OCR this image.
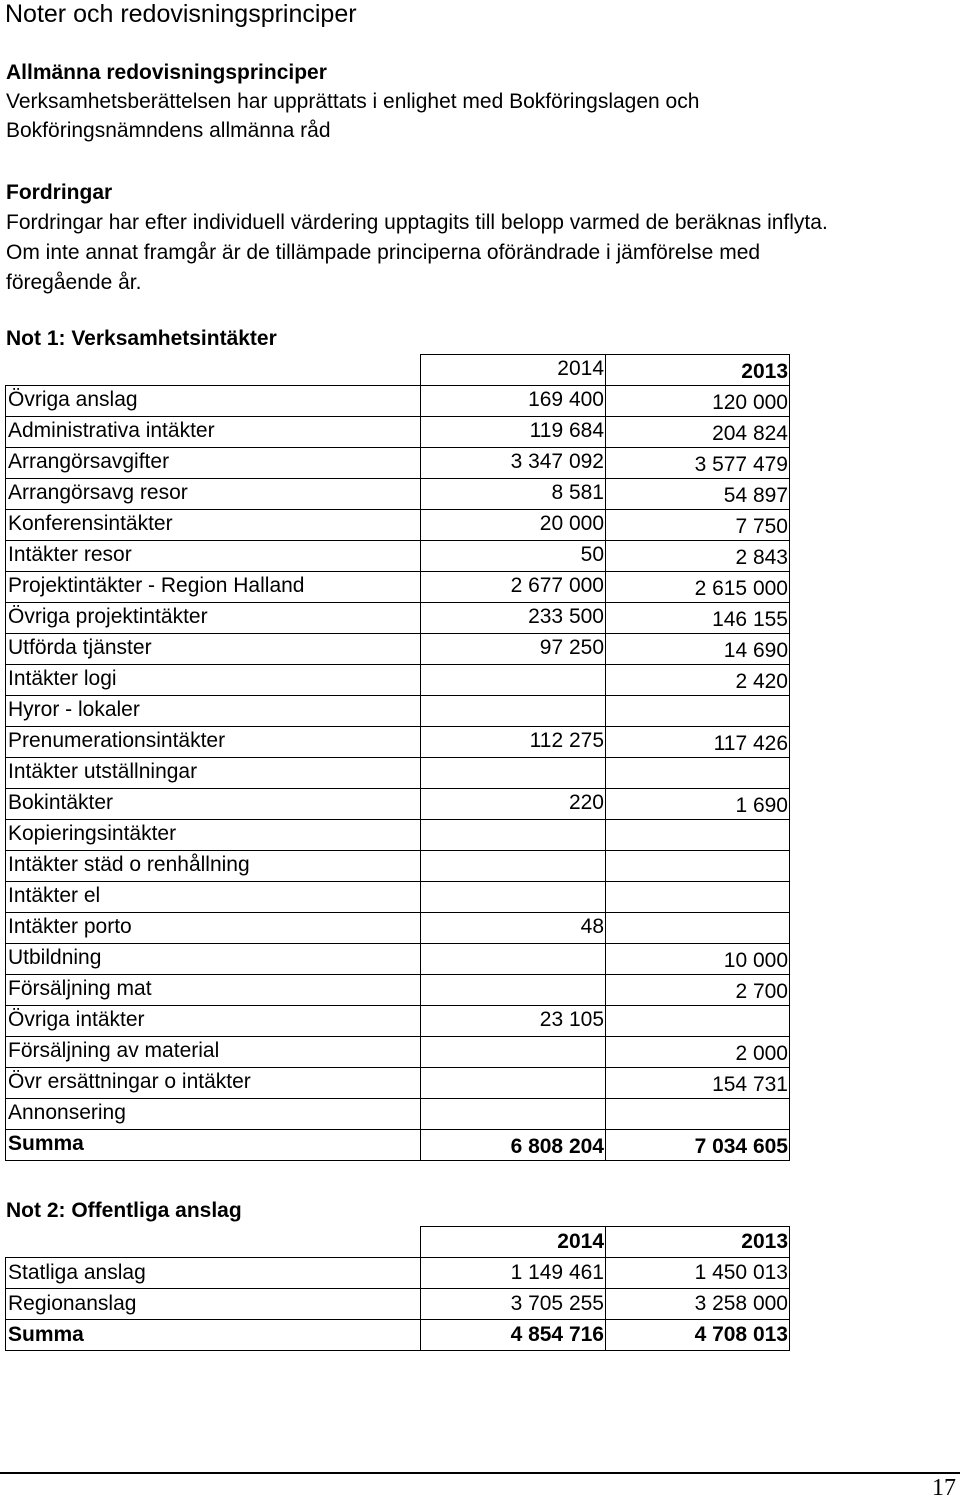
Noter och redovisningsprinciper

Allmänna redovisningsprinciper

Verksamhetsberättelsen har upprättats i enlighet med Bokföringslagen och

Bokföringsnämndens allmänna råd

Fordringar

Fordringar har efter individuell värdering upptagits till belopp varmed de beräknas inflyta.

Om inte annat framgår är de tillämpade principerna oförändrade i jämförelse med

föregående år.

Not 1: Verksamhetsintäkter

	2014	2013
Övriga anslag	169 400	120 000
Administrativa intäkter	119 684	204 824
Arrangörsavgifter	3 347 092	3 577 479
Arrangörsavg resor	8 581	54 897
Konferensintäkter	20 000	7 750
Intäkter resor	50	2 843
Projektintäkter - Region Halland	2 677 000	2 615 000
Övriga projektintäkter	233 500	146 155
Utförda tjänster	97 250	14 690
Intäkter logi		2 420
Hyror - lokaler		
Prenumerationsintäkter	112 275	117 426
Intäkter utställningar		
Bokintäkter	220	1 690
Kopieringsintäkter		
Intäkter städ o renhållning		
Intäkter el		
Intäkter porto	48	
Utbildning		10 000
Försäljning mat		2 700
Övriga intäkter	23 105	
Försäljning av material		2 000
Övr ersättningar o intäkter		154 731
Annonsering		
Summa	6 808 204	7 034 605

Not 2: Offentliga anslag

	2014	2013
Statliga anslag	1 149 461	1 450 013
Regionanslag	3 705 255	3 258 000
Summa	4 854 716	4 708 013
17
